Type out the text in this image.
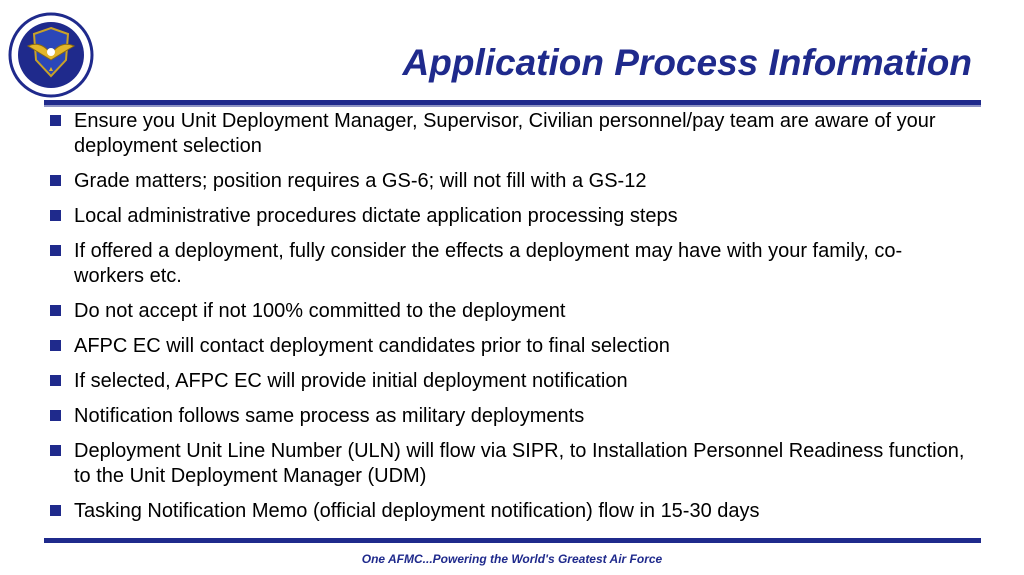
Application Process Information
Ensure you Unit Deployment Manager, Supervisor, Civilian personnel/pay team are aware of your deployment selection
Grade matters; position requires a GS-6; will not fill with a GS-12
Local administrative procedures dictate application processing steps
If offered a deployment, fully consider the effects a deployment may have with your family, co-workers etc.
Do not accept if not 100% committed to the deployment
AFPC EC will contact deployment candidates prior to final selection
If selected, AFPC EC will provide initial deployment notification
Notification follows same process as military deployments
Deployment Unit Line Number (ULN) will flow via SIPR, to Installation Personnel Readiness function, to the Unit Deployment Manager (UDM)
Tasking Notification Memo (official deployment notification) flow in 15-30 days
One AFMC...Powering the World's Greatest Air Force
